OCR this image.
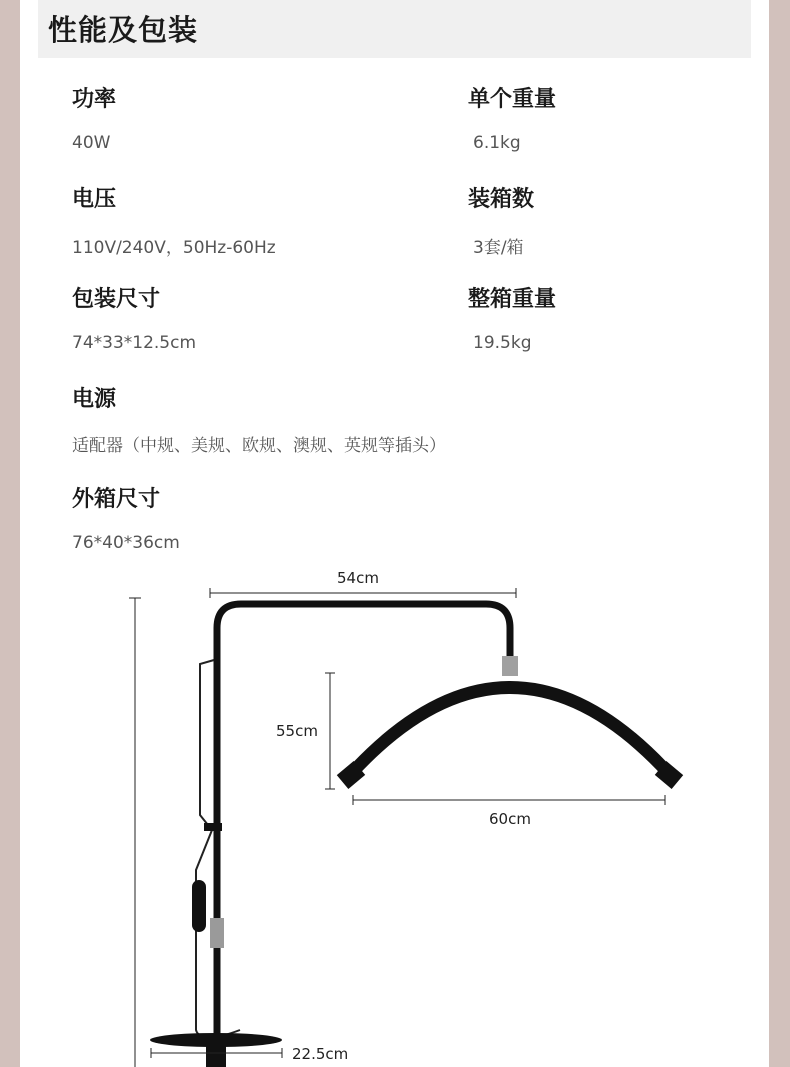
性能及包装
功率
40W
单个重量
6.1kg
电压
110V/240V，50Hz-60Hz
装箱数
3套/箱
包装尺寸
74*33*12.5cm
整箱重量
19.5kg
电源
适配器（中规、美规、欧规、澳规、英规等插头）
外箱尺寸
76*40*36cm
54cm
55cm
60cm
22.5cm
